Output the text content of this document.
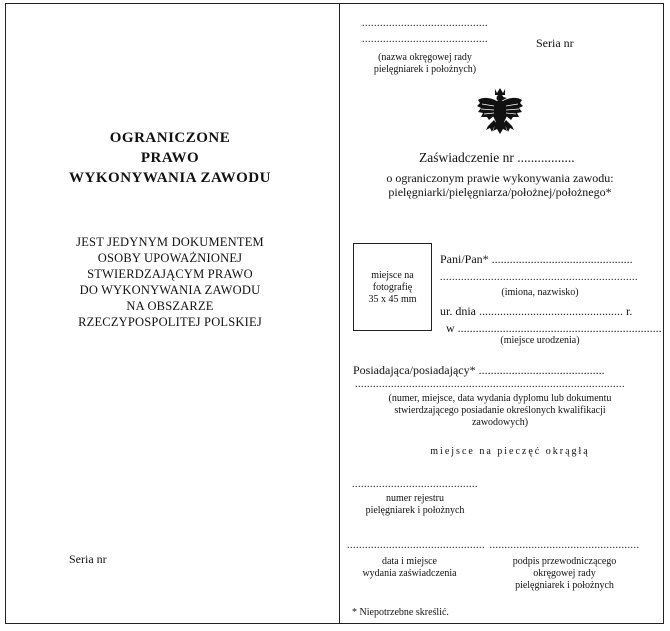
OGRANICZONE
PRAWO
WYKONYWANIA ZAWODU
JEST JEDYNYM DOKUMENTEM
OSOBY UPOWAŻNIONEJ
STWIERDZAJĄCYM PRAWO
DO WYKONYWANIA ZAWODU
NA OBSZARZE
RZECZYPOSPOLITEJ POLSKIEJ
Seria nr
..........................................
..........................................	Seria nr
(nazwa okręgowej rady
pielęgniarek i położnych)
Zaświadczenie nr .................
o ograniczonym prawie wykonywania zawodu:
pielęgniarki/pielęgniarza/położnej/położnego*
miejsce na
fotografię
35 x 45 mm
Pani/Pan* ...............................................
..................................................................
(imiona, nazwisko)
ur. dnia ................................................ r.
w ....................................................................
(miejsce urodzenia)
Posiadająca/posiadający* ..........................................
..........................................................................................
(numer, miejsce, data wydania dyplomu lub dokumentu
stwierdzającego posiadanie określonych kwalifikacji
zawodowych)
miejsce na pieczęć okrągłą
..........................................
numer rejestru
pielęgniarek i położnych
..............................................
data i miejsce
wydania zaświadczenia
..................................................
podpis przewodniczącego
okręgowej rady
pielęgniarek i położnych
* Niepotrzebne skreślić.
